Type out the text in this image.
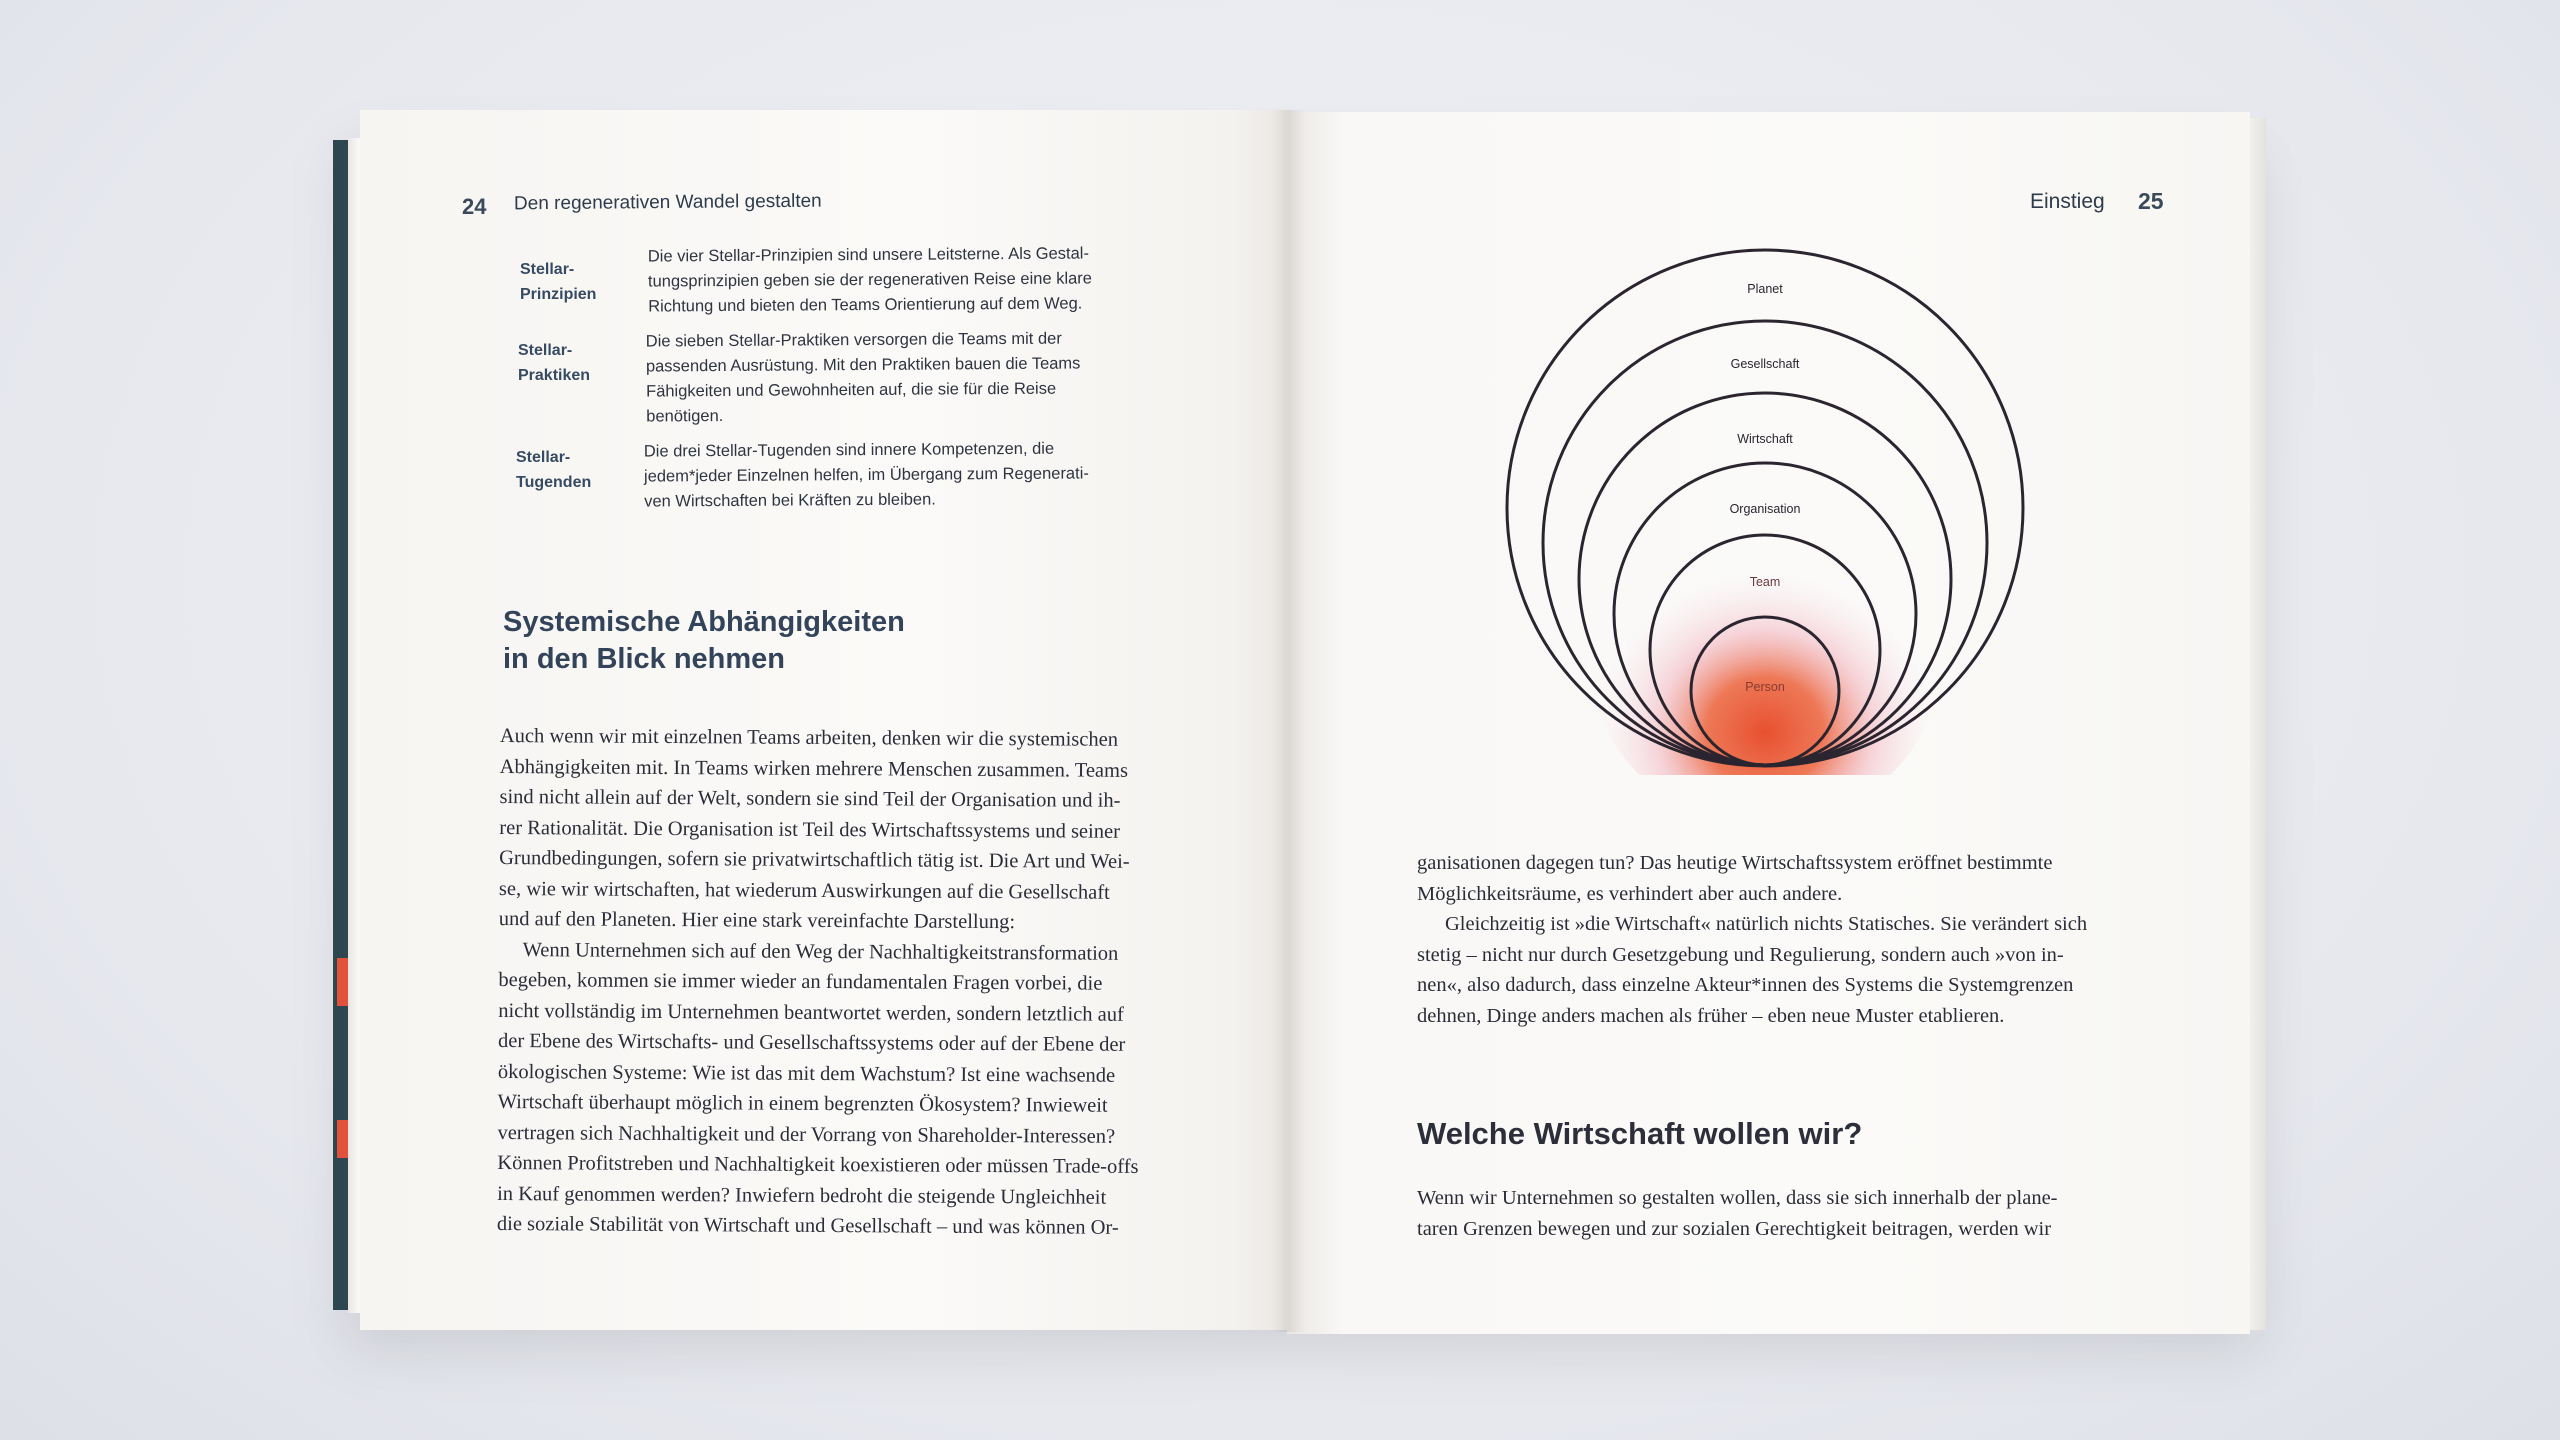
24 Den regenerativen Wandel gestalten
Stellar-
Prinzipien
Die vier Stellar-Prinzipien sind unsere Leitsterne. Als Gestal-
tungsprinzipien geben sie der regenerativen Reise eine klare
Richtung und bieten den Teams Orientierung auf dem Weg.
Stellar-
Praktiken
Die sieben Stellar-Praktiken versorgen die Teams mit der
passenden Ausrüstung. Mit den Praktiken bauen die Teams
Fähigkeiten und Gewohnheiten auf, die sie für die Reise
benötigen.
Stellar-
Tugenden
Die drei Stellar-Tugenden sind innere Kompetenzen, die
jedem*jeder Einzelnen helfen, im Übergang zum Regenerati-
ven Wirtschaften bei Kräften zu bleiben.
Systemische Abhängigkeiten
in den Blick nehmen
Auch wenn wir mit einzelnen Teams arbeiten, denken wir die systemischen
Abhängigkeiten mit. In Teams wirken mehrere Menschen zusammen. Teams
sind nicht allein auf der Welt, sondern sie sind Teil der Organisation und ih-
rer Rationalität. Die Organisation ist Teil des Wirtschaftssystems und seiner
Grundbedingungen, sofern sie privatwirtschaftlich tätig ist. Die Art und Wei-
se, wie wir wirtschaften, hat wiederum Auswirkungen auf die Gesellschaft
und auf den Planeten. Hier eine stark vereinfachte Darstellung:
Wenn Unternehmen sich auf den Weg der Nachhaltigkeitstransformation
begeben, kommen sie immer wieder an fundamentalen Fragen vorbei, die
nicht vollständig im Unternehmen beantwortet werden, sondern letztlich auf
der Ebene des Wirtschafts- und Gesellschaftssystems oder auf der Ebene der
ökologischen Systeme: Wie ist das mit dem Wachstum? Ist eine wachsende
Wirtschaft überhaupt möglich in einem begrenzten Ökosystem? Inwieweit
vertragen sich Nachhaltigkeit und der Vorrang von Shareholder-Interessen?
Können Profitstreben und Nachhaltigkeit koexistieren oder müssen Trade-offs
in Kauf genommen werden? Inwiefern bedroht die steigende Ungleichheit
die soziale Stabilität von Wirtschaft und Gesellschaft – und was können Or-
Einstieg 25
Planet
Gesellschaft
Wirtschaft
Organisation
Team
Person
ganisationen dagegen tun? Das heutige Wirtschaftssystem eröffnet bestimmte
Möglichkeitsräume, es verhindert aber auch andere.
Gleichzeitig ist »die Wirtschaft« natürlich nichts Statisches. Sie verändert sich
stetig – nicht nur durch Gesetzgebung und Regulierung, sondern auch »von in-
nen«, also dadurch, dass einzelne Akteur*innen des Systems die Systemgrenzen
dehnen, Dinge anders machen als früher – eben neue Muster etablieren.
Welche Wirtschaft wollen wir?
Wenn wir Unternehmen so gestalten wollen, dass sie sich innerhalb der plane-
taren Grenzen bewegen und zur sozialen Gerechtigkeit beitragen, werden wir
